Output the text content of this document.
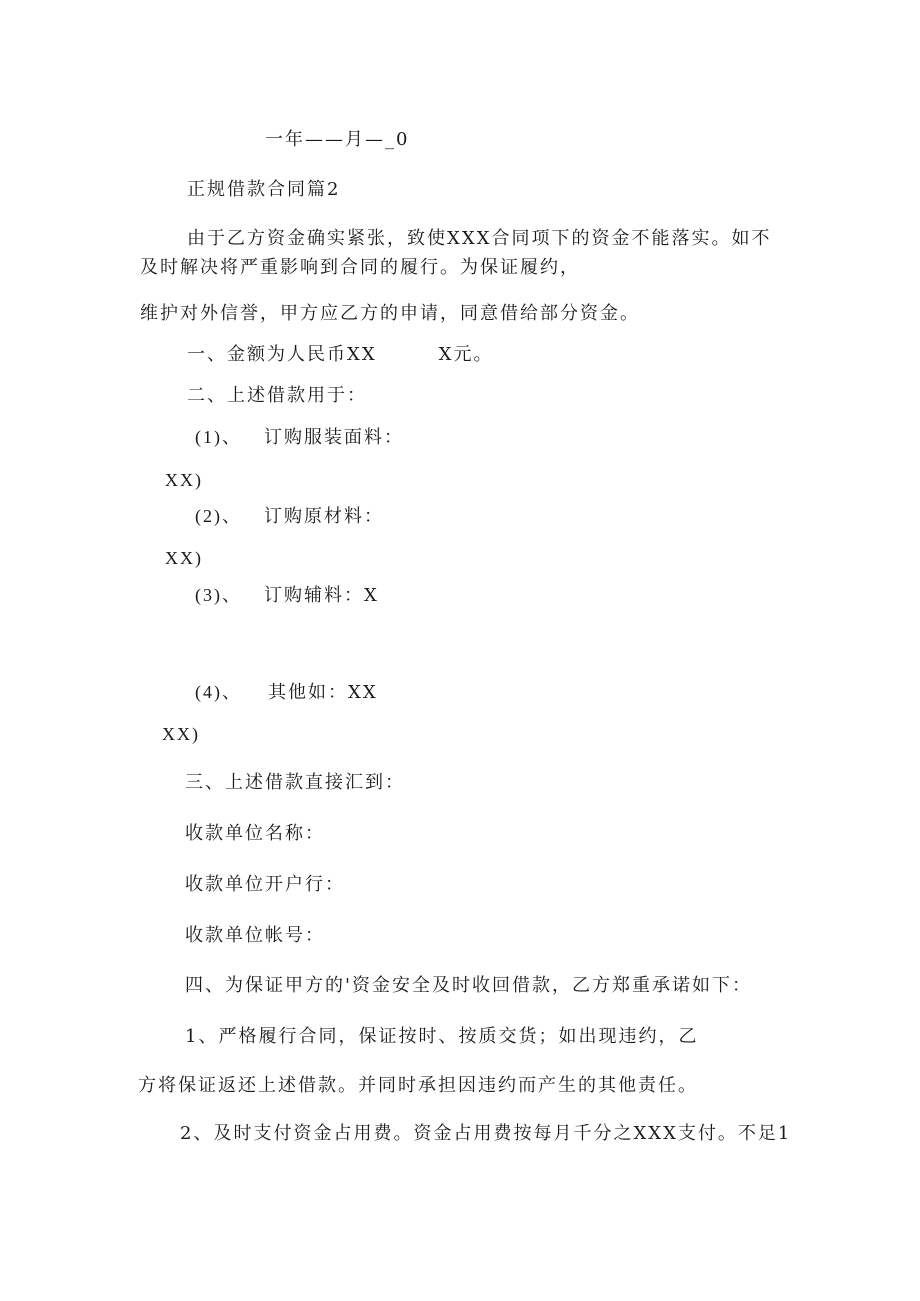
一年——月—_0
正规借款合同篇2
由于乙方资金确实紧张，致使XXX合同项下的资金不能落实。如不
及时解决将严重影响到合同的履行。为保证履约，
维护对外信誉，甲方应乙方的申请，同意借给部分资金。
一、金额为人民币XX	X元。
二、上述借款用于：
(1)、 订购服装面料：
XX)
(2)、 订购原材料：
XX)
(3)、 订购辅料：X
(4)、 其他如：XX
XX)
三、上述借款直接汇到：
收款单位名称：
收款单位开户行：
收款单位帐号：
四、为保证甲方的'资金安全及时收回借款，乙方郑重承诺如下：
1、严格履行合同，保证按时、按质交货；如出现违约，乙
方将保证返还上述借款。并同时承担因违约而产生的其他责任。
2、及时支付资金占用费。资金占用费按每月千分之XXX支付。不足1
